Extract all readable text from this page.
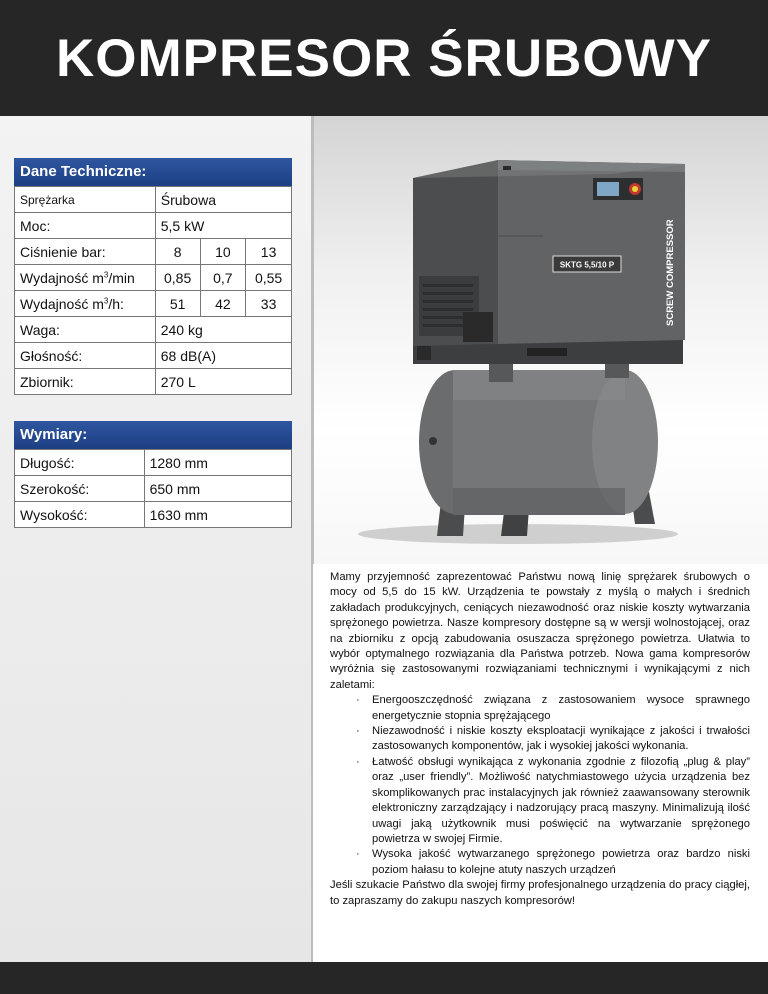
KOMPRESOR ŚRUBOWY
SKTG 5,5/10 P	SCREW COMPRESSOR
Dane Techniczne:
Sprężarka	Śrubowa		
Moc:	5,5 kW		
Ciśnienie bar:	8	10	13
Wydajność $m^3/\min$	0,85	0,7	0,55
Wydajność $m^3/h$:	51	42	33
Waga:	240 kg		
Głośność:	68 dB(A)		
Zbiornik:	270 L		
Wymiary:
Długość:	1280 mm
Szerokość:	650 mm
Wysokość:	1630 mm

Mamy przyjemność zaprezentować Państwu nową linię sprężarek śrubowych o mocy od 5,5 do 15 kW. Urządzenia te powstały z myślą o małych i średnich zakładach produkcyjnych, ceniących niezawodność oraz niskie koszty wytwarzania sprężonego powietrza. Nasze kompresory dostępne są w wersji wolnostojącej, oraz na zbiorniku z opcją zabudowania osuszacza sprężonego powietrza. Ułatwia to wybór optymalnego rozwiązania dla Państwa potrzeb. Nowa gama kompresorów wyróżnia się zastosowanymi rozwiązaniami technicznymi i wynikającymi z nich zaletami:

· Energooszczędność związana z zastosowaniem wysoce sprawnego energetycznie stopnia sprężającego
· Niezawodność i niskie koszty eksploatacji wynikające z jakości i trwałości zastosowanych komponentów, jak i wysokiej jakości wykonania.
· Łatwość obsługi wynikająca z wykonania zgodnie z filozofią „plug & play” oraz „user friendly”. Możliwość natychmiastowego użycia urządzenia bez skomplikowanych prac instalacyjnych jak również zaawansowany sterownik elektroniczny zarządzający i nadzorujący pracą maszyny. Minimalizują ilość uwagi jaką użytkownik musi poświęcić na wytwarzanie sprężonego powietrza w swojej Firmie.
· Wysoka jakość wytwarzanego sprężonego powietrza oraz bardzo niski poziom hałasu to kolejne atuty naszych urządzeń

Jeśli szukacie Państwo dla swojej firmy profesjonalnego urządzenia do pracy ciągłej, to zapraszamy do zakupu naszych kompresorów!
